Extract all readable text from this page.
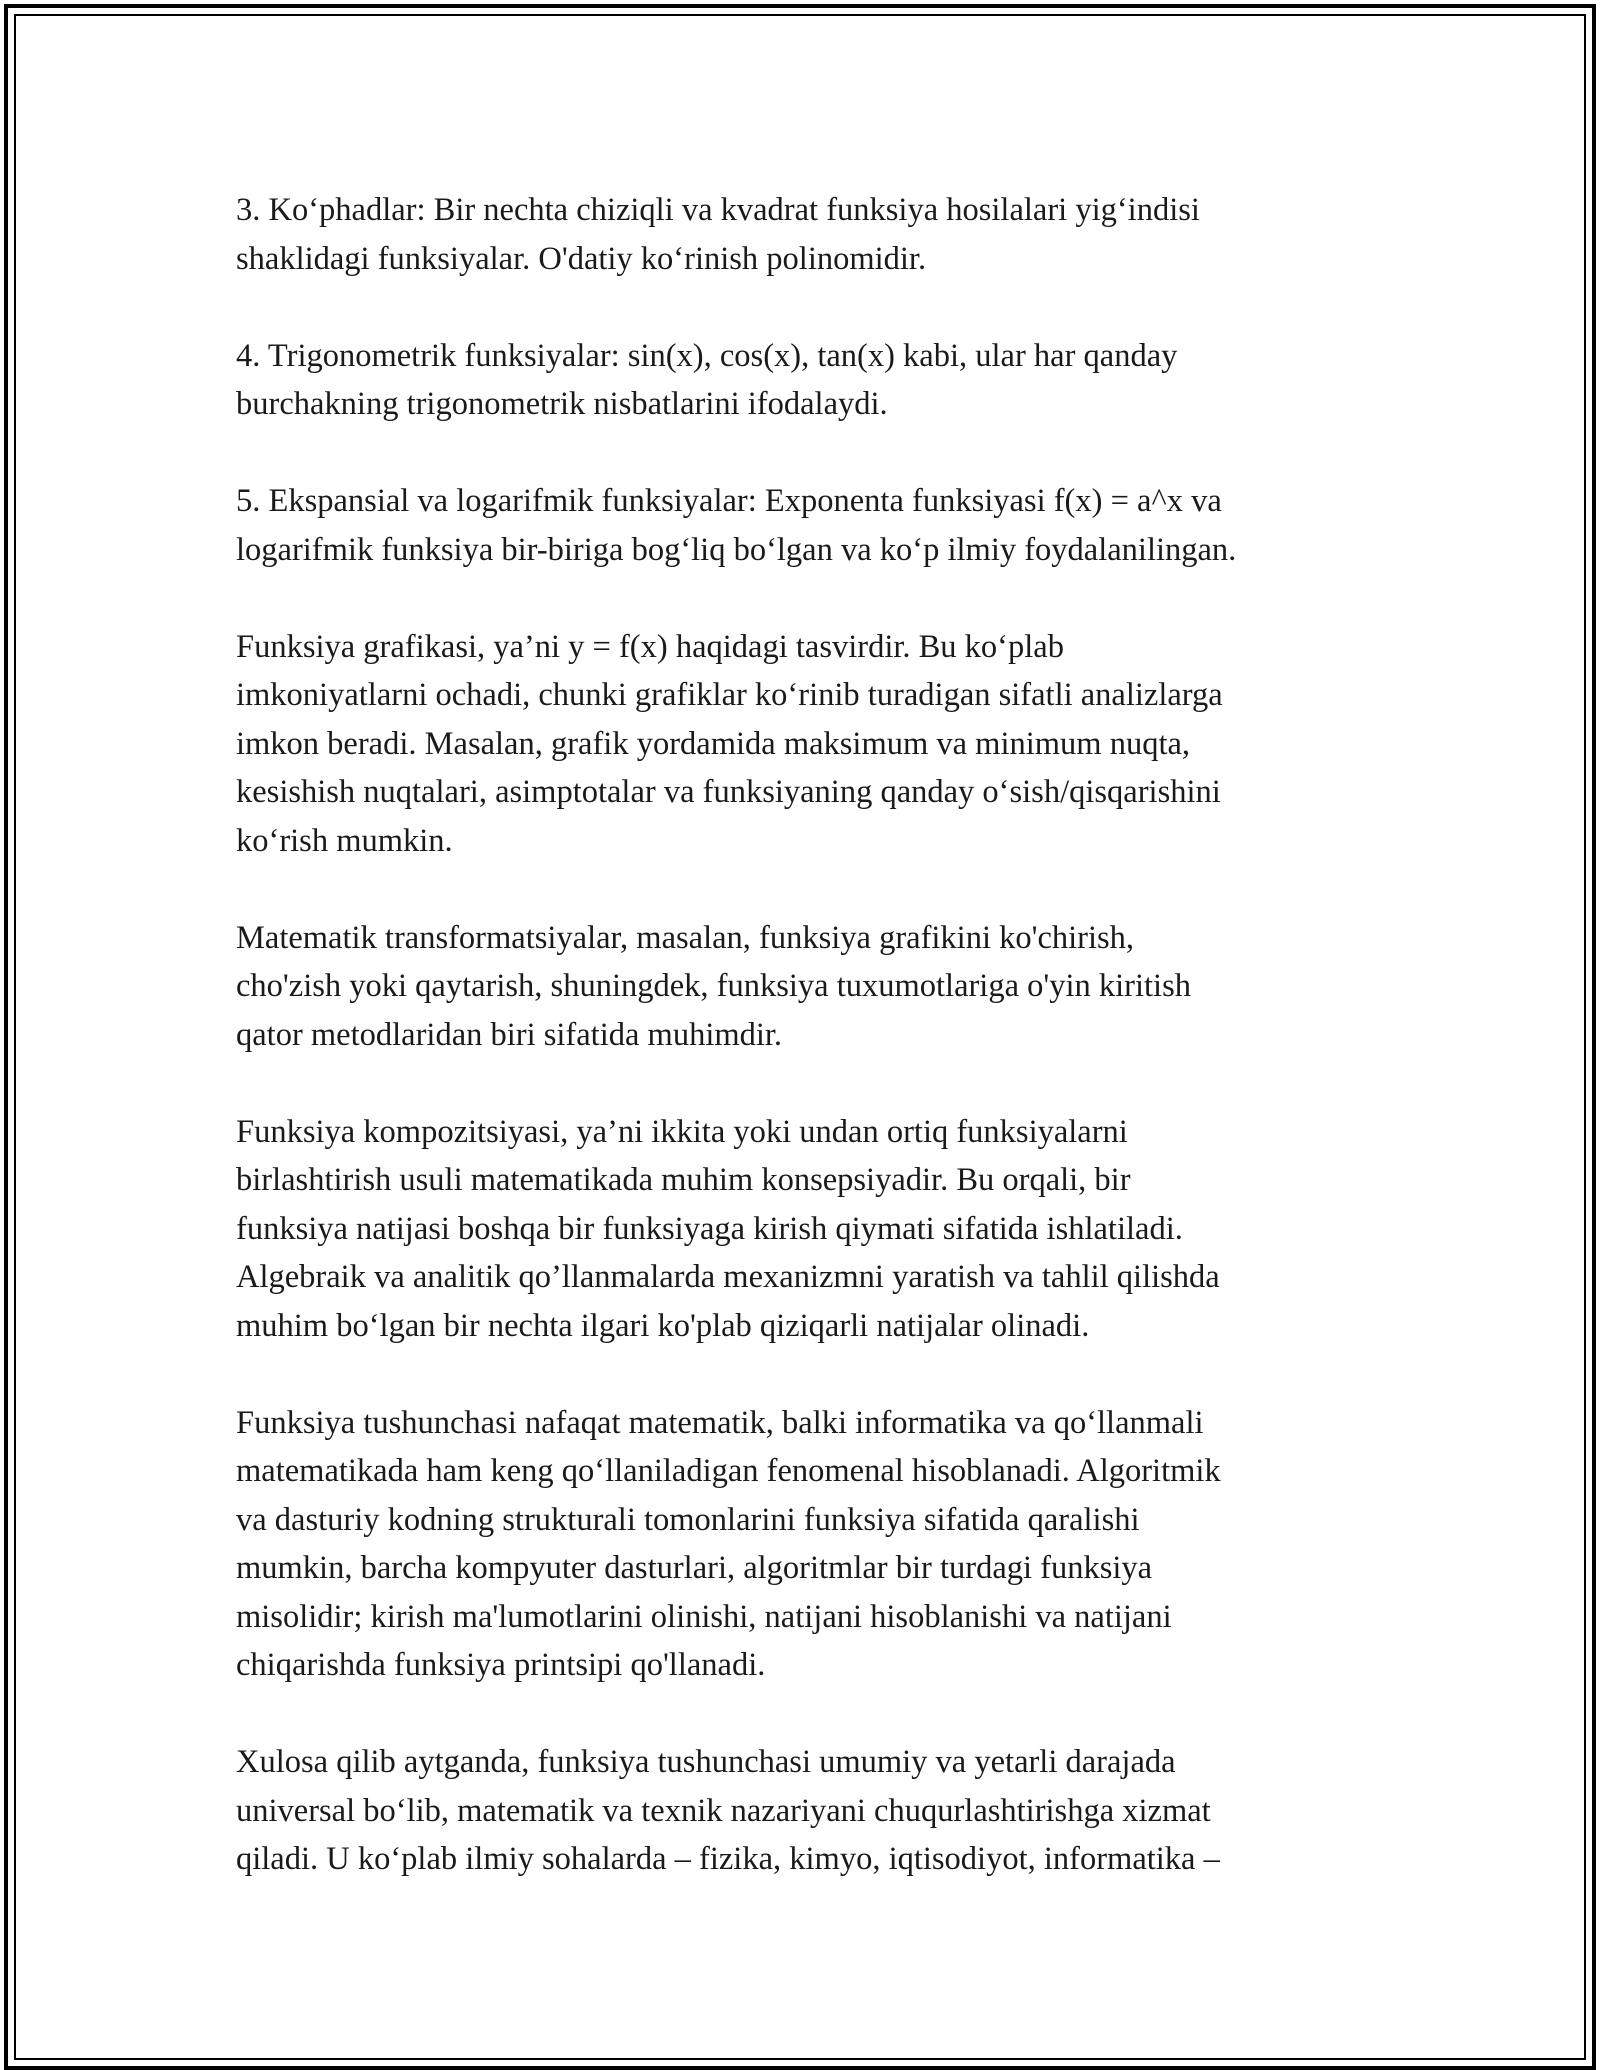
3. Ko‘phadlar: Bir nechta chiziqli va kvadrat funksiya hosilalari yig‘indisi
shaklidagi funksiyalar. O'datiy ko‘rinish polinomidir.

4. Trigonometrik funksiyalar: sin(x), cos(x), tan(x) kabi, ular har qanday
burchakning trigonometrik nisbatlarini ifodalaydi.

5. Ekspansial va logarifmik funksiyalar: Exponenta funksiyasi f(x) = a^x va
logarifmik funksiya bir-biriga bog‘liq bo‘lgan va ko‘p ilmiy foydalanilingan.

Funksiya grafikasi, ya’ni y = f(x) haqidagi tasvirdir. Bu ko‘plab
imkoniyatlarni ochadi, chunki grafiklar ko‘rinib turadigan sifatli analizlarga
imkon beradi. Masalan, grafik yordamida maksimum va minimum nuqta,
kesishish nuqtalari, asimptotalar va funksiyaning qanday o‘sish/qisqarishini
ko‘rish mumkin.

Matematik transformatsiyalar, masalan, funksiya grafikini ko'chirish,
cho'zish yoki qaytarish, shuningdek, funksiya tuxumotlariga o'yin kiritish
qator metodlaridan biri sifatida muhimdir.

Funksiya kompozitsiyasi, ya’ni ikkita yoki undan ortiq funksiyalarni
birlashtirish usuli matematikada muhim konsepsiyadir. Bu orqali, bir
funksiya natijasi boshqa bir funksiyaga kirish qiymati sifatida ishlatiladi.
Algebraik va analitik qo’llanmalarda mexanizmni yaratish va tahlil qilishda
muhim bo‘lgan bir nechta ilgari ko'plab qiziqarli natijalar olinadi.

Funksiya tushunchasi nafaqat matematik, balki informatika va qo‘llanmali
matematikada ham keng qo‘llaniladigan fenomenal hisoblanadi. Algoritmik
va dasturiy kodning strukturali tomonlarini funksiya sifatida qaralishi
mumkin, barcha kompyuter dasturlari, algoritmlar bir turdagi funksiya
misolidir; kirish ma'lumotlarini olinishi, natijani hisoblanishi va natijani
chiqarishda funksiya printsipi qo'llanadi.

Xulosa qilib aytganda, funksiya tushunchasi umumiy va yetarli darajada
universal bo‘lib, matematik va texnik nazariyani chuqurlashtirishga xizmat
qiladi. U ko‘plab ilmiy sohalarda – fizika, kimyo, iqtisodiyot, informatika –
